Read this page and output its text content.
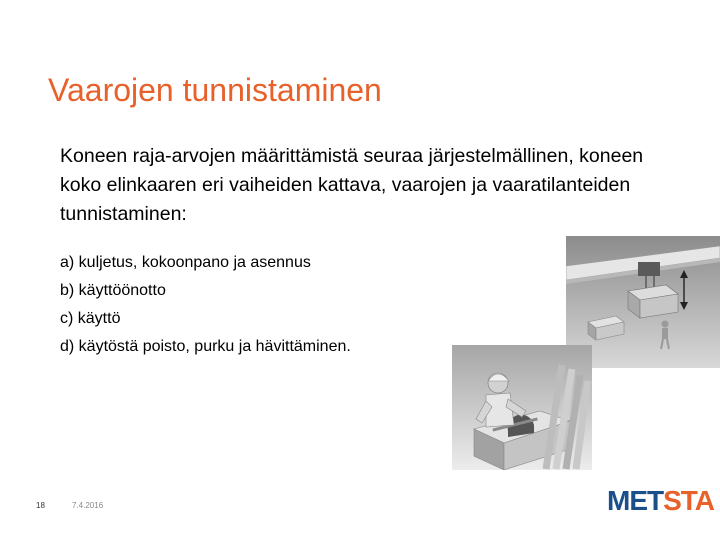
Vaarojen tunnistaminen
Koneen raja-arvojen määrittämistä seuraa järjestelmällinen, koneen koko elinkaaren eri vaiheiden kattava, vaarojen ja vaaratilanteiden tunnistaminen:
a) kuljetus, kokoonpano ja asennus
b) käyttöönotto
c) käyttö
d) käytöstä poisto, purku ja hävittäminen.
18	7.4.2016	METSTA
